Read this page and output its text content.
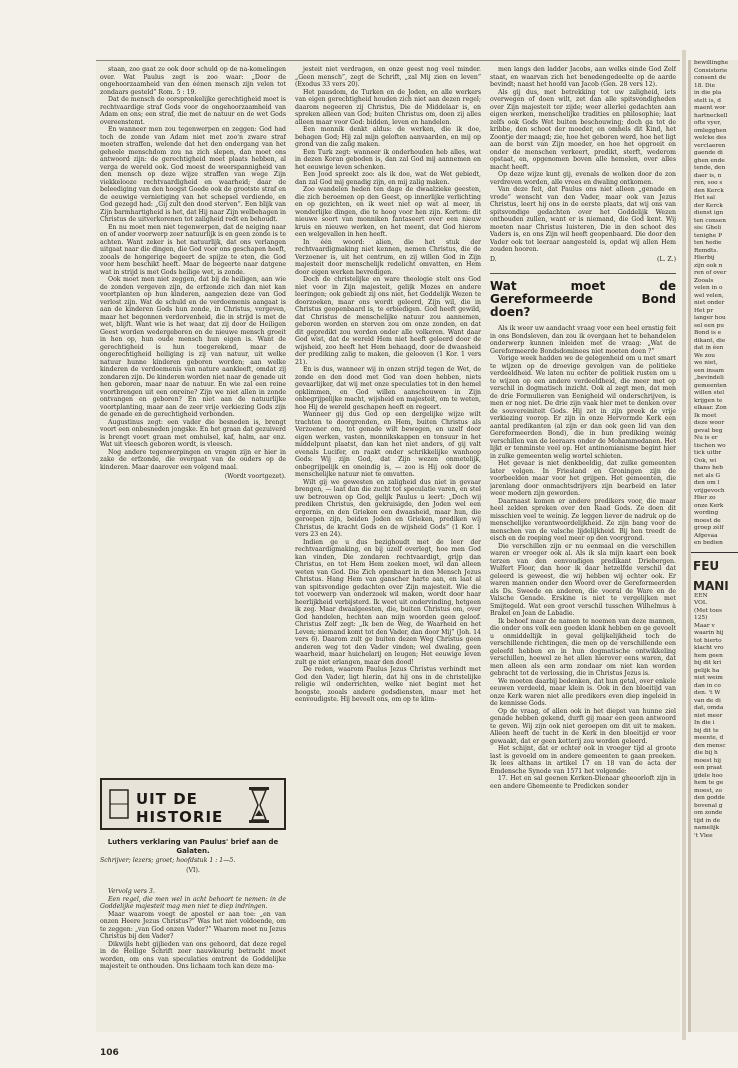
staan, zoo gaat ze ook door schuld op de na-komelingen over. Wat Paulus zegt is zoo waar: „Door de ongehoorzaamheid van den éénen mensch zijn velen tot zondaars gesteld” Rom. 5 : 19.

Dat de mensch de oorspronkelijke gerechtigheid moet is rechtvaardige straf Gods voor de ongehoorzaamheid van Adam en ons; een straf, die met de natuur en de wet Gods overeenstemt.

En wanneer men zou tegenwerpen en zeggen: God had toch de zonde van Adam niet met zoo'n zware straf moeten straffen, welende dat het den ondergang van het geheele menschdom zou na zich slepen, dan moet ons antwoord zijn: de gerechtigheid moet plaats hebben, al verga de wereld ook. God moest de weerspannigheid van den mensch op deze wijze straffen van wege Zijn viekkelooze rechtvaardigheid en waarheid; daar de beleediging van den hoogst Goede ook de grootste straf en de eeuwige vernietiging van het schepsel verdiende, en God gezegd had: „Gij zult den dood sterven”. Een blijk van Zijn barmhartigheid is het, dat Hij naar Zijn welbehagen in Christus de uitverkorenen tot zaligheid redt en behoudt.

En nu moet men niet tegenwerpen, dat de neiging naar en of ander voorwerp zeer natuurlijk is en geen zonde is te achten. Want zeker is het natuurlijk, dat ons verlangen uitgaat naar die dingen, die God voor ons geschapen heeft, zooals de hongerige begeert de spijze te eten, die God voor hem beschikt heeft. Maar de begeerte naar datgene wat in strijd is met Gods heilige wet, is zonde.

Ook moet men niet zeggen, dat bij de heiligen, aan wie de zonden vergeven zijn, de erfzonde zich dan niet kan voortplanten op hun kinderen, aangezien deze van God verlost zijn. Wat de schuld en de verdoemenis aangaat is aan de kinderen Gods hun zonde, in Christus, vergeven, maar het begonnen verdorvenheid, die in strijd is met de wet, blijft. Want wie is het waar, dat zij door de Heiligen Geest worden wedergeboren en de nieuwe mensch groeit in hen op, hun oude mensch hun eigen is. Want de gerechtigheid is hun toegerekend, maar de ongerechtigheid heiliging is zij van natuur, uit welke natuur hunne kinderen geboren worden; aan welke kinderen de verdoemenis van nature aankleeft, omdat zij zondaren zijn. De kinderen worden niet naar de genade uit hen geboren, maar naar de natuur. En wie zal een reine voortbrengen uit een onreine? Zijn we niet allen in zonde ontvangen en geboren? En niet aan de natuurlijke voortplanting, maar aan de zeer vrije verkiezing Gods zijn de genade en de gerechtigheid verbonden.

Augustinus zegt: een vader die besneden is, brengt voort een onbesneden jongske. En het graan dat gezuiverd is brengt voort graan met omhulsel, kaf, halm, aar enz. Wat uit vleesch geboren wordt, is vleesch.

Nog andere tegenwerpingen en vragen zijn er hier in zake de erfzonde, die overgaat van de ouders op de kinderen. Maar daarover een volgend maal.

(Wordt voortgezet).
UIT DE HISTORIE
Luthers verklaring van Paulus' brief aan de Galaten.
Schrijver; lezers; groet; hoofdstuk 1 : 1—5.
(VI).

Vervolg vers 3.

Een regel, die men wel in acht behoort te nemen: in de Goddelijke majesteit mag men niet te diep indringen.

Maar waarom voegt de apostel er aan toe: „en van onzen Heere Jezus Christus?” Was het niet voldoende, om te zeggen: „van God onzen Vader?” Waarom moet nu Jezus Christus bij den Vader?

Dikwijls hebt gijlieden van ons gehoord, dat deze regel in de Heilige Schrift zeer nauwkeurig betracht moet worden, om ons van speculaties omtrent de Goddelijke majesteit te onthouden. Ons lichaam toch kan deze ma-

106

jesteit niet verdragen, en onze geest nog veel minder. „Geen mensch”, zegt de Schrift, „zal Mij zien en leven” (Exodus 33 vers 20).

Het pausdom, de Turken en de Joden, en alle werkers van eigen gerechtigheid houden zich niet aan dezen regel; daarom negeeren zij Christus, Die de Middelaar is, en spreken alleen van God; buiten Christus om, doen zij alles alleen maar voor God: bidden, leven en handelen.

Een monnik denkt aldus: de werken, die ik doe, behagen God; Hij zal mijn geloften aanvaarden, en mij op grond van die zalig maken.

Een Turk zegt: wanneer ik onderhouden heb alles, wat in dezen Koran geboden is, dan zal God mij aannemen en het eeuwige leven schenken.

Een Jood spreekt zoo: als ik doe, wat de Wet gebiedt, dan zal God mij genadig zijn, en mij zalig maken.

Zoo wandelen heden ten dage de dwaalzieke geesten, die zich beroemen op den Geest, op innerlijke verlichting en op gezichten, en ik weet niet op wat al meer, in wonderlijke dingen, die te hoog voor hen zijn. Kortom: dit nieuwe soort van monniken fantaseert over een nieuw kruis en nieuwe werken, en het meent, dat God hierom een welgevallen in hen heeft.

In één woord: alien, die het stuk der rechtvaardigmaking niet kennen, nemen Christus, die de Verzoener is, uit het centrum, en zij willen God in Zijn majesteit door menschelijk redelicht omvatten, en Hem door eigen werken bevredigen.

Doch de christelijke en ware theologie stelt ons God niet voor in Zijn majesteit, gelijk Mozes en andere leeringen; ook gebiedt zij ons niet, het Goddelijk Wezen te doorzoeken, maar ons wordt geleerd, Zijn wil, die in Christus geopenbaard is, te erbiedigen. God heeft gewild, dat Christus de menschelijke natuur zou aannemen, geboren worden en sterven zou om onze zonden, en dat dit gepredikt zou worden onder alle volkeren. Want daar God wist, dat de wereld Hem niet heeft geleerd door de wijsheid, zoo heeft het Hem behaagd, door de dwaasheid der prediking zalig te maken, die gelooven (1 Kor. 1 vers 21).

En is dus, wanneer wij in onzen strijd tegen de Wet, de zonde en den dood met God van doen hebben, niets gevaarlijker, dat wij met onze speculaties tot in den hemel opklimmen, en God willen aanschouwen in Zijn onbegrijpelijke macht, wijsheid en majesteit, om te weten, hoe Hij de wereld geschapen heeft en regeert.

Wanneer gij dus God op een dergelijke wijze wilt trachten te doorgronden, en Hem, buiten Christus als Verzoener om, tot genade wilt bewegen, en uzelf door eigen werken, vasten, monnikskappen en tonsuur in het middelpunt plaatst, dan kan het niet anders, of gij valt evenals Lucifer, en raakt onder schrikkelijke wanhoop Gods: Wij zijn God, dat Zijn wezen onmetelijk, onbegrijpelijk en oneindig is, — zoo is Hij ook door de menschelijke natuur niet te omvatten.

Wilt gij we gewesten en zaligheid dus niet in gevaar brengen, — laat dan die zucht tot speculatie varen, en stel uw betrouwen op God, gelijk Paulus u leert: „Doch wij prediken Christus, den gekruisigde, den Joden wel een ergernis, en den Grieken een dwaasheid, maar hun, die geroepen zijn, beiden Joden en Grieken, prediken wij Christus, de kracht Gods en de wijsheid Gods” (1 Kor. 1 vers 23 en 24).

Indien ge u dus bezighoudt met de leer der rechtvaardigmaking, en bij uzelf overlegt, hoe men God kan vinden, Die zondaren rechtvaardigt, grijp dan Christus, en tot Hem Hem zoeken moet, wil dan alleen weten van God. Die Zich openbaart in den Mensch Jezus Christus. Hang Hem van ganscher harte aan, en laat al van spitsvondige gedachten over Zijn majesteit. Wie die tot voorwerp van onderzoek wil maken, wordt door haar heerlijkheid verbijsterd. Ik weet uit ondervinding, hetgeen ik zeg. Maar dwaalgeesten, die, buiten Christus om, over God handelen, hechten aan mijn woorden geen geloof. Christus Zelf zegt: „Ik ben de Weg, de Waarheid en het Leven; niemand komt tot den Vader, dan door Mij” (Joh. 14 vers 6). Daarom zult ge buiten dezen Weg Christus geen anderen weg tot den Vader vinden; wel dwaling, geen waarheid, maar huichelarij en leugen; Het eeuwige leven zult ge niet erlangen, maar den dood!

De reden, waarom Paulus Jezus Christus verbindt met God den Vader, ligt hierin, dat hij ons in de christelijke religie wil onderrichten, welke niet begint met het hoogste, zooals andere godsdiensten, maar met het eenvoudigste. Hij beveelt ons, om op te klim-

men langs den ladder Jacobs, aan welks einde God Zelf staat, en waarvan zich het benedengedeelte op de aarde bevindt; naast het hoofd van Jacob (Gen. 28 vers 12).

Als gij dus, met betrekking tot uw zaligheid, iets overwegen of doen wilt, zet dan alle spitsvondigheden over Zijn majesteit ter zijde; weer allerlei gedachten aan eigen werken, menschelijke tradities en philosophie; laat zelfs ook Gods Wet buiten beschouwing; doch ga tot de kribbe, den schoot der moeder, en omhels dit Kind, het Zoontje der maagd; zie, hoe het geboren werd, hoe het ligt aan de borst van Zijn moeder, en hoe het opgroeit en onder de menschen verkeert, predikt, sterft, wederom opstaat, en, opgenomen boven alle hemelen, over alles macht heeft.

Op deze wijze kunt gij, evenals de wolken door de zon verdreven worden, alle vrees en dwaling ontkomen.

Van deze feit, dat Paulus ons niet alleen „genade en vrede” wenscht van den Vader, maar ook van Jezus Christus, leert hij ons in de eerste plaats, dat wij ons van spitsvondige gedachten over het Goddelijk Wezen onthouden zullen, want er is niemand, die God kent. Wij moeten naar Christus luisteren, Die in den schoot des Vaders is, en ons Zijn wil heeft geopenbaard. Die door den Vader ook tot leeraar aangesteld is, opdat wij allen Hem zouden hooren.

D.	(L. Z.)
Wat moet de Gereformeerde Bond doen?

Als ik weer uw aandacht vraag voor een heel ernstig feit in ons Bondsleven, dan zou ik overgaan het te behandelen onderwerp kunnen inleiden met de vraag: „Wat de Gereformeerde Bondsdominees niet moeten doen ?”

Vorige week hadden we de gelegenheid om u met smart te wijzen op de droevige gevolgen van de politieke verdeeldheid. We laten nu echter de politiek rusten om u te wijzen op een andere verdeeldheid, die meer met op verschil in dogmatisch inzicht. Ook al zegt men, dat men de drie Formulieren van Eenigheid wil onderschrijven, is men er nog niet. De drie zijn vaak hier met te denken over de souvereiniteit Gods. Hij zet in zijn preek de vrije verkiezing voorop. Er zijn in onze Hervormde Kerk een aantal predikanten (al zijn er dan ook geen lid van den Gereformeerden Bond), die in hun prediking weinig verschillen van de leeraars onder de Mohammedanen. Het lijkt er tenminste veel op. Het antinomianisme begint hier in zulke gemeenten welig wortel schieten.

Het gevaar is niet denkbeeldig, dat zulke gemeenten later volgen. In Friesland en Groningen zijn de voorbeelden maar voor het grijpen. Het gemeenten, die jarenlang door onmachtsdrijvers zijn bearbeid en later weer modern zijn geworden.

Daarnaast komen er andere predikers voor, die maar heel zelden spreken over den Raad Gods. Ze doen dit misschien veel te weinig. Ze leggen liever de nadruk op de menschelijke verantwoordelijkheid. Ze zijn bang voor de menschen van de valsche lijdelijkheid. Bij hen treedt de eisch en de roeping veel meer op den voorgrond.

Die verschillen zijn er nu eenmaal en die verschillen waren er vroeger ook al. Als ik sla mijn kaart een boek terzen van den eenvoudigen predikant Driebergen. Wulfert Floor, dan hoor ik daar hetzelfde verschil dat geleerd is geweest, die wij hebben wij echter ook. Er waren mannen onder den Woord over de Gereformeerden als Ds. Sweede en anderen, die vooral de Ware en de Valsche Genade. Erskine is niet te vergelijken met Smijtegeld. Wat een groot verschil tusschen Wilhelmus à Brakel en Jean de Labadie.

Ik behoef maar de namen te noemen van deze mannen, die onder ons volk een goeden klank hebben en ge gevoelt u onmiddellijk in geval gelijkelijkheid toch de verschillende richtingen, die men op de verschillende een geleefd hebben en in hun dogmatische ontwikkeling verschillen, hoewel ze het allen hierover eens waren, dat men alleen als een arm zondaar om niet kan worden gebracht tot de verlossing, die in Christus Jezus is.

We moeten daarbij bedenken, dat hun getal, over enkele eeuwen verdeeld, maar klein is. Ook in den bloeitijd van onze Kerk waren niet alle predikers even diep ingeleid in de kennisse Gods.

Op de vraag, of allen ook in het diepst van hunne ziel genade hebben gekend, durft gij maar een geen antwoord te geven. Wij zijn ook niet geroepen om dit uit te maken. Alleen heeft de tucht in de Kerk in den bloeitijd er voor gewaakt, dat er geen ketterij zou worden geleerd.

Het schijnt, dat er echter ook in vroeger tijd al groote last is gevoeld om in andere gemeenten te gaan preeken. Ik lees althans in artikel 17 en 18 van de acta der Emdensche Synode van 1571 het volgende:

17. Het en sal geenen Kerken-Dienaar gheoorloft zijn in een andere Ghemeente te Predicken sonder

bewillinghe
Consistorie
consent de
18. Die
in die pla
stelt is, d
maent wor
hartneckell
ofte vyer,
omlegghen
welcke des
verclaeren
gaende di
ghen ende
tende, den
daer is, n
ren, soo s
den Kerck
Het sal
der Kerck
dienst ign
ten consen
sis: Gheli
tenighe P
ten hedie
Remdts.
Hierbij
zijn ook n
ren of over
Zooals
velen in o
wel velen,
niet onder
Het pr
langer hou
sel een pu
Bond is e
dikant, die
dat in éen
We zou
we niet,
een insam
„bevindeli
gemeenten
willen stel
krijgen te
elkaar. Zon
Ik moet
deze woor
geval beg
Nu is er
tischen wo
tick uitbr
Ook, wi
thans heb
net als G
den om l
vrijgevoch
Hier zo
onze Kerk
wording
moest de
groep zélf
Afgevaa
en bedien
FEU
MANI
EEN
VOL
(Met toes
125)
Maar v
waarin hij
tot hierto
klacht vro
hem geen
bij dit kri
gelijk ha
niet weim
dan in co
den. 't W
van de di
dat, omda
niet meer
In die i
bij dit te
meente, d
den mensc
die bij h
moest hij
een praat
ijdele hoo
hem te ge
moest, zo
den godde
bovenal g
om zonde
tijd in de
namelijk
't Vlee
